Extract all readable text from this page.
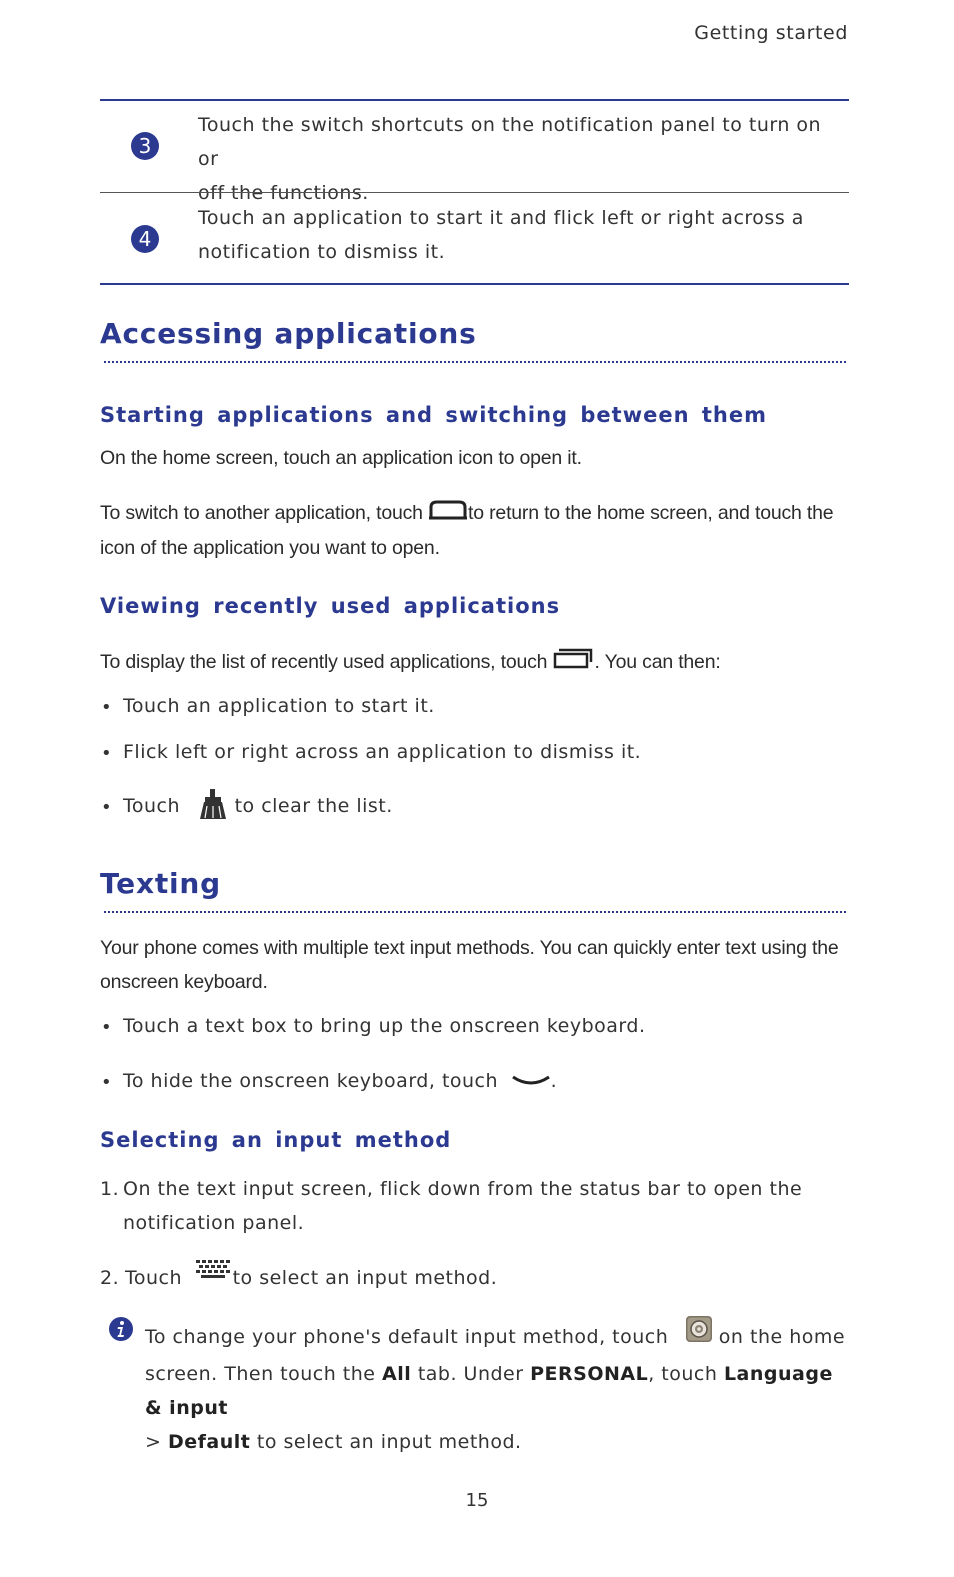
Getting started
3
Touch the switch shortcuts on the notification panel to turn on or
off the functions.
4
Touch an application to start it and flick left or right across a
notification to dismiss it.
Accessing applications
Starting applications and switching between them
On the home screen, touch an application icon to open it.
To switch to another application, touch to return to the home screen, and touch the
icon of the application you want to open.
Viewing recently used applications
To display the list of recently used applications, touch . You can then:
• Touch an application to start it.
• Flick left or right across an application to dismiss it.
• Touch	to clear the list.
Texting
Your phone comes with multiple text input methods. You can quickly enter text using the
onscreen keyboard.
• Touch a text box to bring up the onscreen keyboard.
• To hide the onscreen keyboard, touch	.
Selecting an input method
1. On the text input screen, flick down from the status bar to open the
notification panel.
2. Touch	to select an input method.
To change your phone's default input method, touch	on the home
screen. Then touch the All tab. Under PERSONAL, touch Language & input
> Default to select an input method.
15
